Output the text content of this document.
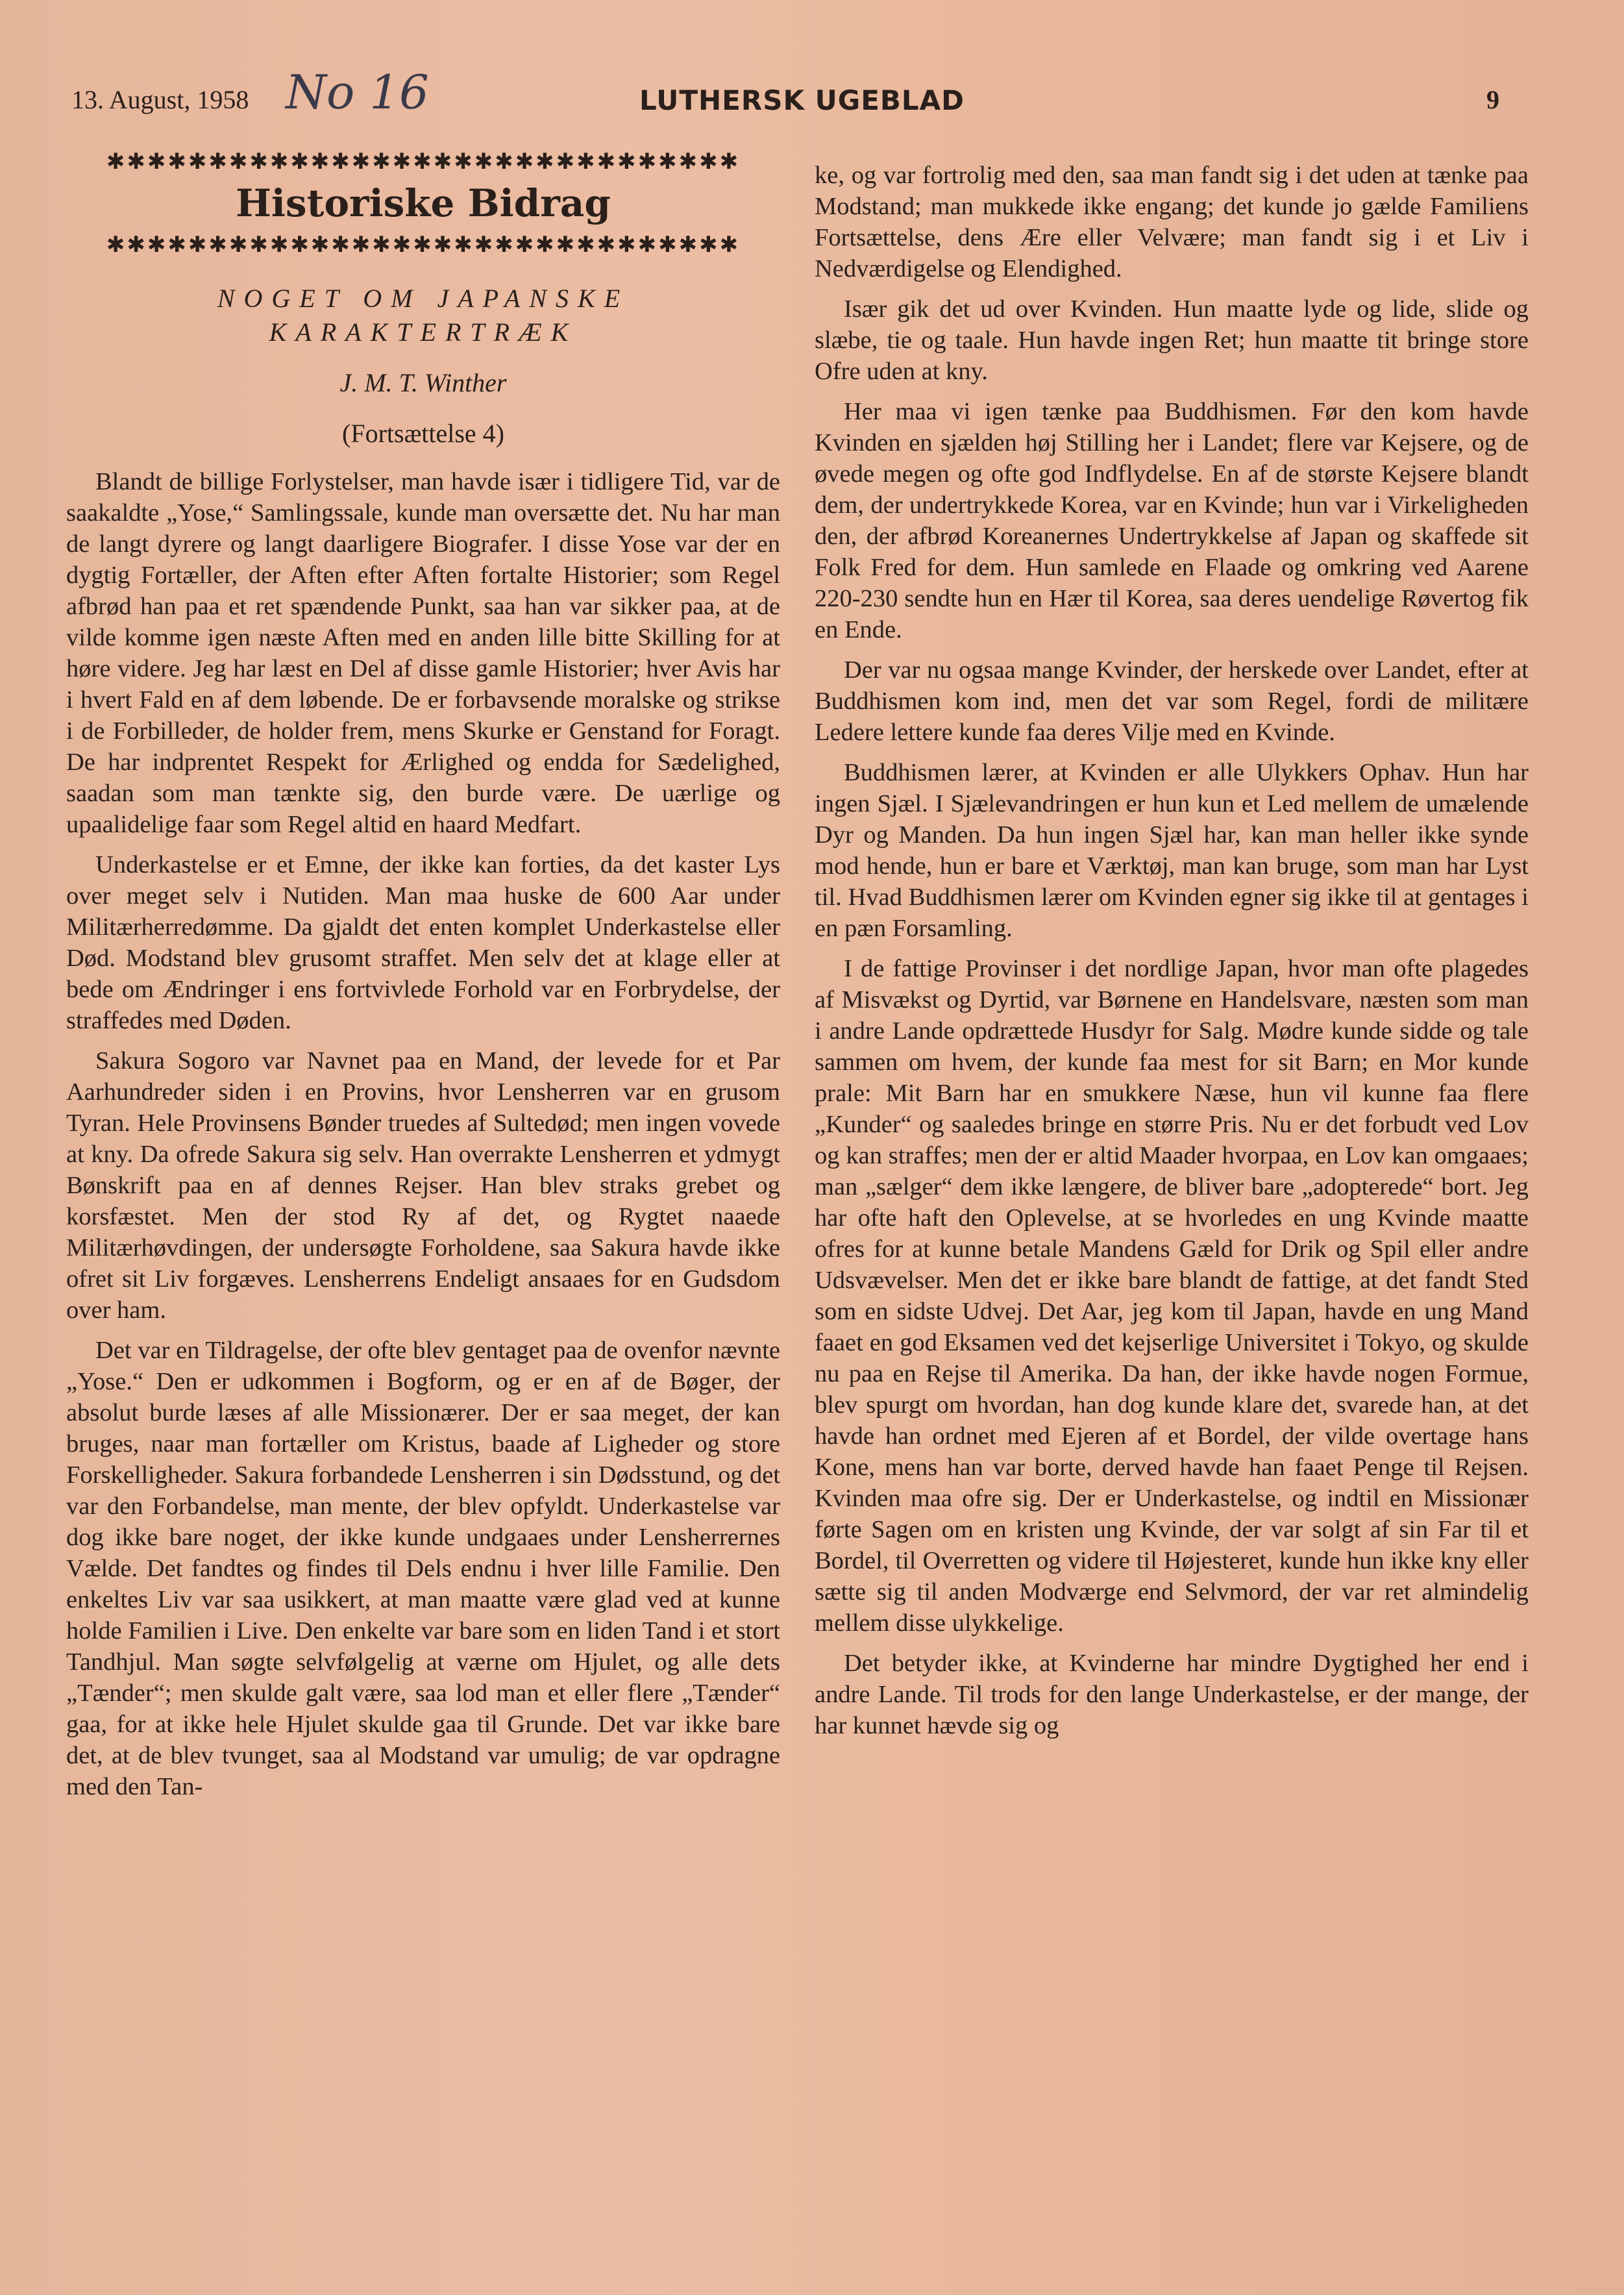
13. August, 1958 No 16	LUTHERSK UGEBLAD	9
✱✱✱✱✱✱✱✱✱✱✱✱✱✱✱✱✱✱✱✱✱✱✱✱✱✱✱✱✱✱✱
Historiske Bidrag
✱✱✱✱✱✱✱✱✱✱✱✱✱✱✱✱✱✱✱✱✱✱✱✱✱✱✱✱✱✱✱
NOGET OM JAPANSKE
KARAKTERTRÆK
J. M. T. Winther
(Fortsættelse 4)

Blandt de billige Forlystelser, man havde især i tidligere Tid, var de saakaldte „Yose,“ Samlingssale, kunde man oversætte det. Nu har man de langt dyrere og langt daarligere Biografer. I disse Yose var der en dygtig Fortæller, der Aften efter Aften fortalte Historier; som Regel afbrød han paa et ret spændende Punkt, saa han var sikker paa, at de vilde komme igen næste Aften med en anden lille bitte Skilling for at høre videre. Jeg har læst en Del af disse gamle Historier; hver Avis har i hvert Fald en af dem løbende. De er forbavsende moralske og strikse i de Forbilleder, de holder frem, mens Skurke er Genstand for Foragt. De har indprentet Respekt for Ærlighed og endda for Sædelighed, saadan som man tænkte sig, den burde være. De uærlige og upaalidelige faar som Regel altid en haard Medfart.

Underkastelse er et Emne, der ikke kan forties, da det kaster Lys over meget selv i Nutiden. Man maa huske de 600 Aar under Militærherredømme. Da gjaldt det enten komplet Underkastelse eller Død. Modstand blev grusomt straffet. Men selv det at klage eller at bede om Ændringer i ens fortvivlede Forhold var en Forbrydelse, der straffedes med Døden.

Sakura Sogoro var Navnet paa en Mand, der levede for et Par Aarhundreder siden i en Provins, hvor Lensherren var en grusom Tyran. Hele Provinsens Bønder truedes af Sultedød; men ingen vovede at kny. Da ofrede Sakura sig selv. Han overrakte Lensherren et ydmygt Bønskrift paa en af dennes Rejser. Han blev straks grebet og korsfæstet. Men der stod Ry af det, og Rygtet naaede Militærhøvdingen, der undersøgte Forholdene, saa Sakura havde ikke ofret sit Liv forgæves. Lensherrens Endeligt ansaaes for en Gudsdom over ham.

Det var en Tildragelse, der ofte blev gentaget paa de ovenfor nævnte „Yose.“ Den er udkommen i Bogform, og er en af de Bøger, der absolut burde læses af alle Missionærer. Der er saa meget, der kan bruges, naar man fortæller om Kristus, baade af Ligheder og store Forskelligheder. Sakura forbandede Lensherren i sin Dødsstund, og det var den Forbandelse, man mente, der blev opfyldt. Underkastelse var dog ikke bare noget, der ikke kunde undgaaes under Lensherrernes Vælde. Det fandtes og findes til Dels endnu i hver lille Familie. Den enkeltes Liv var saa usikkert, at man maatte være glad ved at kunne holde Familien i Live. Den enkelte var bare som en liden Tand i et stort Tandhjul. Man søgte selvfølgelig at værne om Hjulet, og alle dets „Tænder“; men skulde galt være, saa lod man et eller flere „Tænder“ gaa, for at ikke hele Hjulet skulde gaa til Grunde. Det var ikke bare det, at de blev tvunget, saa al Modstand var umulig; de var opdragne med den Tan-

ke, og var fortrolig med den, saa man fandt sig i det uden at tænke paa Modstand; man mukkede ikke engang; det kunde jo gælde Familiens Fortsættelse, dens Ære eller Velvære; man fandt sig i et Liv i Nedværdigelse og Elendighed.

Især gik det ud over Kvinden. Hun maatte lyde og lide, slide og slæbe, tie og taale. Hun havde ingen Ret; hun maatte tit bringe store Ofre uden at kny.

Her maa vi igen tænke paa Buddhismen. Før den kom havde Kvinden en sjælden høj Stilling her i Landet; flere var Kejsere, og de øvede megen og ofte god Indflydelse. En af de største Kejsere blandt dem, der undertrykkede Korea, var en Kvinde; hun var i Virkeligheden den, der afbrød Koreanernes Undertrykkelse af Japan og skaffede sit Folk Fred for dem. Hun samlede en Flaade og omkring ved Aarene 220-230 sendte hun en Hær til Korea, saa deres uendelige Røvertog fik en Ende.

Der var nu ogsaa mange Kvinder, der herskede over Landet, efter at Buddhismen kom ind, men det var som Regel, fordi de militære Ledere lettere kunde faa deres Vilje med en Kvinde.

Buddhismen lærer, at Kvinden er alle Ulykkers Ophav. Hun har ingen Sjæl. I Sjælevandringen er hun kun et Led mellem de umælende Dyr og Manden. Da hun ingen Sjæl har, kan man heller ikke synde mod hende, hun er bare et Værktøj, man kan bruge, som man har Lyst til. Hvad Buddhismen lærer om Kvinden egner sig ikke til at gentages i en pæn Forsamling.

I de fattige Provinser i det nordlige Japan, hvor man ofte plagedes af Misvækst og Dyrtid, var Børnene en Handelsvare, næsten som man i andre Lande opdrættede Husdyr for Salg. Mødre kunde sidde og tale sammen om hvem, der kunde faa mest for sit Barn; en Mor kunde prale: Mit Barn har en smukkere Næse, hun vil kunne faa flere „Kunder“ og saaledes bringe en større Pris. Nu er det forbudt ved Lov og kan straffes; men der er altid Maader hvorpaa, en Lov kan omgaaes; man „sælger“ dem ikke længere, de bliver bare „adopterede“ bort. Jeg har ofte haft den Oplevelse, at se hvorledes en ung Kvinde maatte ofres for at kunne betale Mandens Gæld for Drik og Spil eller andre Udsvævelser. Men det er ikke bare blandt de fattige, at det fandt Sted som en sidste Udvej. Det Aar, jeg kom til Japan, havde en ung Mand faaet en god Eksamen ved det kejserlige Universitet i Tokyo, og skulde nu paa en Rejse til Amerika. Da han, der ikke havde nogen Formue, blev spurgt om hvordan, han dog kunde klare det, svarede han, at det havde han ordnet med Ejeren af et Bordel, der vilde overtage hans Kone, mens han var borte, derved havde han faaet Penge til Rejsen. Kvinden maa ofre sig. Der er Underkastelse, og indtil en Missionær førte Sagen om en kristen ung Kvinde, der var solgt af sin Far til et Bordel, til Overretten og videre til Højesteret, kunde hun ikke kny eller sætte sig til anden Modværge end Selvmord, der var ret almindelig mellem disse ulykkelige.

Det betyder ikke, at Kvinderne har mindre Dygtighed her end i andre Lande. Til trods for den lange Underkastelse, er der mange, der har kunnet hævde sig og
